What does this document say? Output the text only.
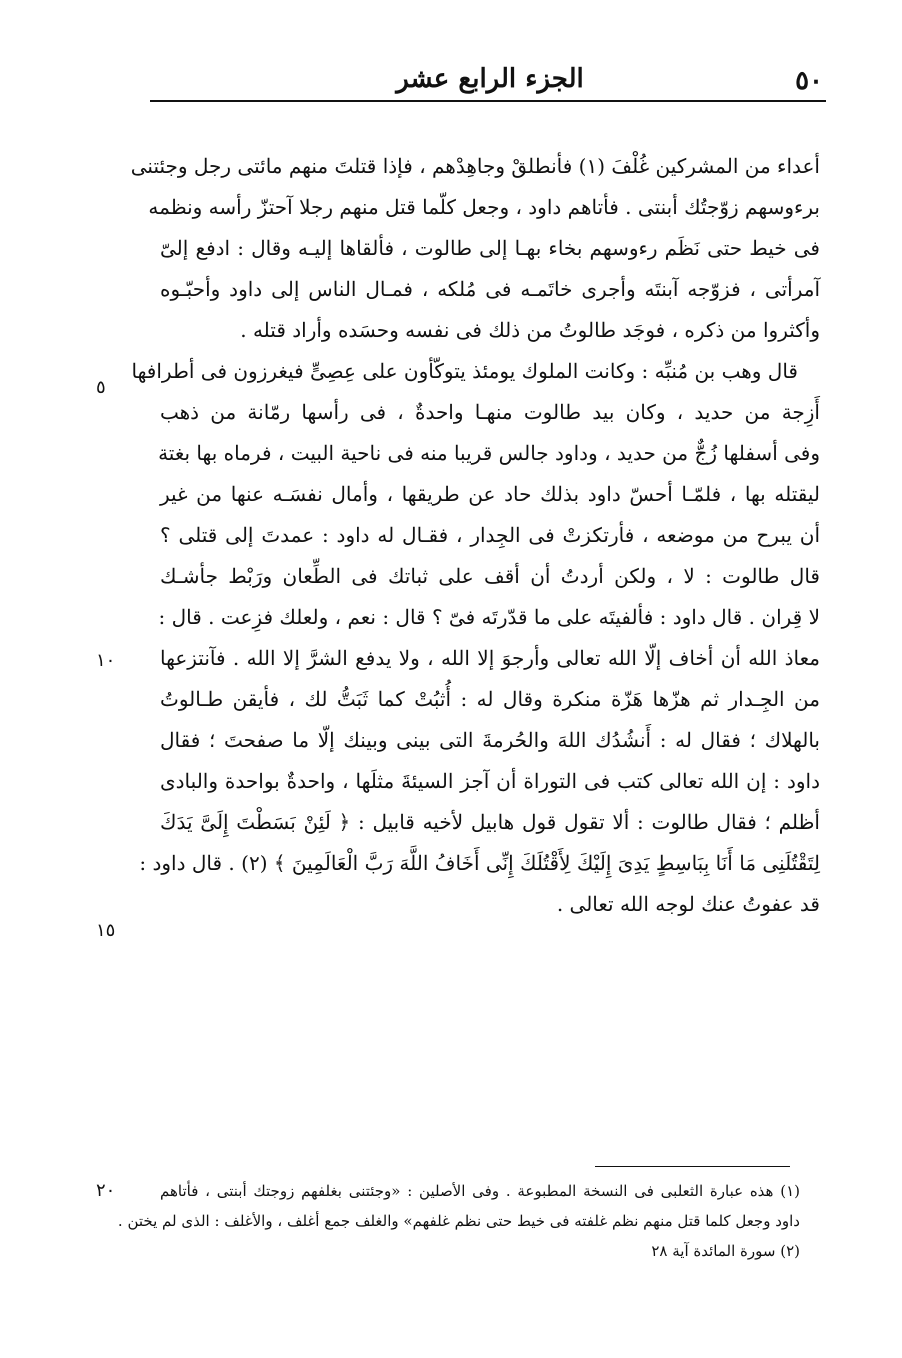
٥٠
الجزء الرابع عشر
أعداء من المشركين غُلْفَ (١) فأنطلقْ وجاهِدْهم ، فإذا قتلتَ منهم مائتى رجل وجئتنى
برءوسهم زوّجتُك أبنتى . فأتاهم داود ، وجعل كلّما قتل منهم رجلا آحتزّ رأسه ونظمه
فى خيط حتى نَظَم رءوسهم بخاء بهـا إلى طالوت ، فألقاها إليـه وقال : ادفع إلىّ
آمرأتى ، فزوّجه آبنتَه وأجرى خاتَمـه فى مُلكه ، فمـال الناس إلى داود وأحبّـوه
وأكثروا من ذكره ، فوجَد طالوتُ من ذلك فى نفسه وحسَده وأراد قتله .
قال وهب بن مُنبِّه : وكانت الملوك يومئذ يتوكّأون على عِصِىٍّ فيغرزون فى أطرافها
أَزِجة من حديد ، وكان بيد طالوت منهـا واحدةٌ ، فى رأسها رمّانة من ذهب
وفى أسفلها زُجٌّ من حديد ، وداود جالس قريبا منه فى ناحية البيت ، فرماه بها بغتة
ليقتله بها ، فلمّـا أحسّ داود بذلك حاد عن طريقها ، وأمال نفسَـه عنها من غير
أن يبرح من موضعه ، فأرتكزتْ فى الجِدار ، فقـال له داود : عمدتَ إلى قتلى ؟
قال طالوت : لا ، ولكن أردتُ أن أقف على ثباتك فى الطِّعان ورَبْط جأشـك
لا قِران . قال داود : فألفيتَه على ما قدّرتَه فىّ ؟ قال : نعم ، ولعلك فزِعت . قال :
معاذ الله أن أخاف إلّا الله تعالى وأرجوَ إلا الله ، ولا يدفع الشرَّ إلا الله . فآنتزعها
من الجِـدار ثم هزّها هَزّة منكرة وقال له : أُثبُتْ كما ثَبَتُّ لك ، فأيقن طـالوتُ
بالهلاك ؛ فقال له : أَنشُدُك اللهَ والحُرمةَ التى بينى وبينك إلّا ما صفحتَ ؛ فقال
داود : إن الله تعالى كتب فى التوراة أن آجز السيئةَ مثلَها ، واحدةٌ بواحدة والبادى
أظلم ؛ فقال طالوت : ألا تقول قول هابيل لأخيه قابيل : ﴿ لَئِنْ بَسَطْتَ إِلَىَّ يَدَكَ
لِتَقْتُلَنِى مَا أَنَا بِبَاسِطٍ يَدِىَ إِلَيْكَ لِأَقْتُلَكَ إِنِّى أَخَافُ اللَّهَ رَبَّ الْعَالَمِينَ ﴾ (٢) . قال داود :
قد عفوتُ عنك لوجه الله تعالى .
٥
١٠
١٥
٢٠	(١) هذه عبارة الثعلبى فى النسخة المطبوعة . وفى الأصلين : «وجئتنى بغلفهم زوجتك أبنتى ، فأتاهم
داود وجعل كلما قتل منهم نظم غلفته فى خيط حتى نظم غلفهم» والغلف جمع أغلف ، والأغلف : الذى لم يختن .
(٢) سورة المائدة آية ٢٨
